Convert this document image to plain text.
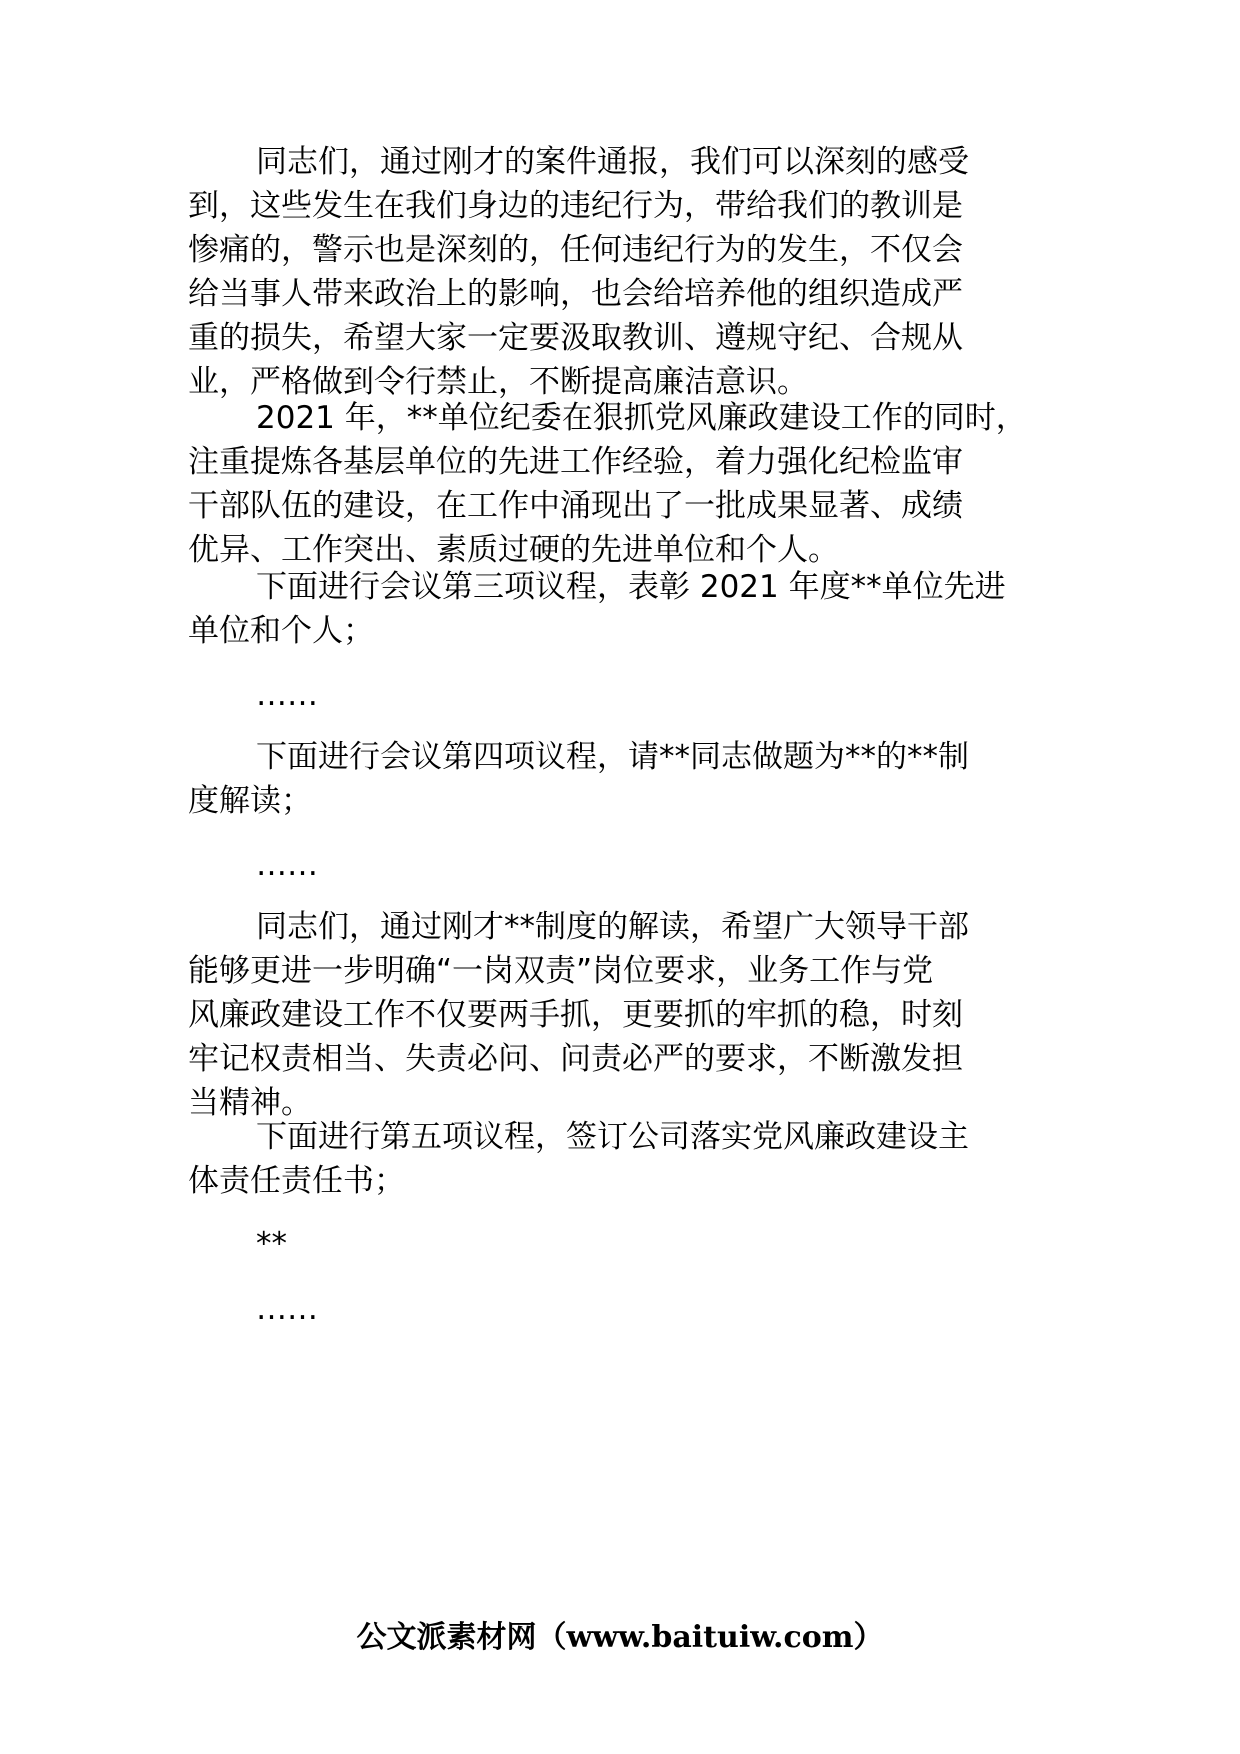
同志们，通过刚才的案件通报，我们可以深刻的感受
到，这些发生在我们身边的违纪行为，带给我们的教训是
惨痛的，警示也是深刻的，任何违纪行为的发生，不仅会
给当事人带来政治上的影响，也会给培养他的组织造成严
重的损失，希望大家一定要汲取教训、遵规守纪、合规从
业，严格做到令行禁止，不断提高廉洁意识。

2021 年，**单位纪委在狠抓党风廉政建设工作的同时，
注重提炼各基层单位的先进工作经验，着力强化纪检监审
干部队伍的建设，在工作中涌现出了一批成果显著、成绩
优异、工作突出、素质过硬的先进单位和个人。

下面进行会议第三项议程，表彰 2021 年度**单位先进
单位和个人；

……

下面进行会议第四项议程，请**同志做题为**的**制
度解读；

……

同志们，通过刚才**制度的解读，希望广大领导干部
能够更进一步明确“一岗双责”岗位要求，业务工作与党
风廉政建设工作不仅要两手抓，更要抓的牢抓的稳，时刻
牢记权责相当、失责必问、问责必严的要求，不断激发担
当精神。

下面进行第五项议程，签订公司落实党风廉政建设主
体责任责任书；

**

……

公文派素材网（www.baituiw.com）
